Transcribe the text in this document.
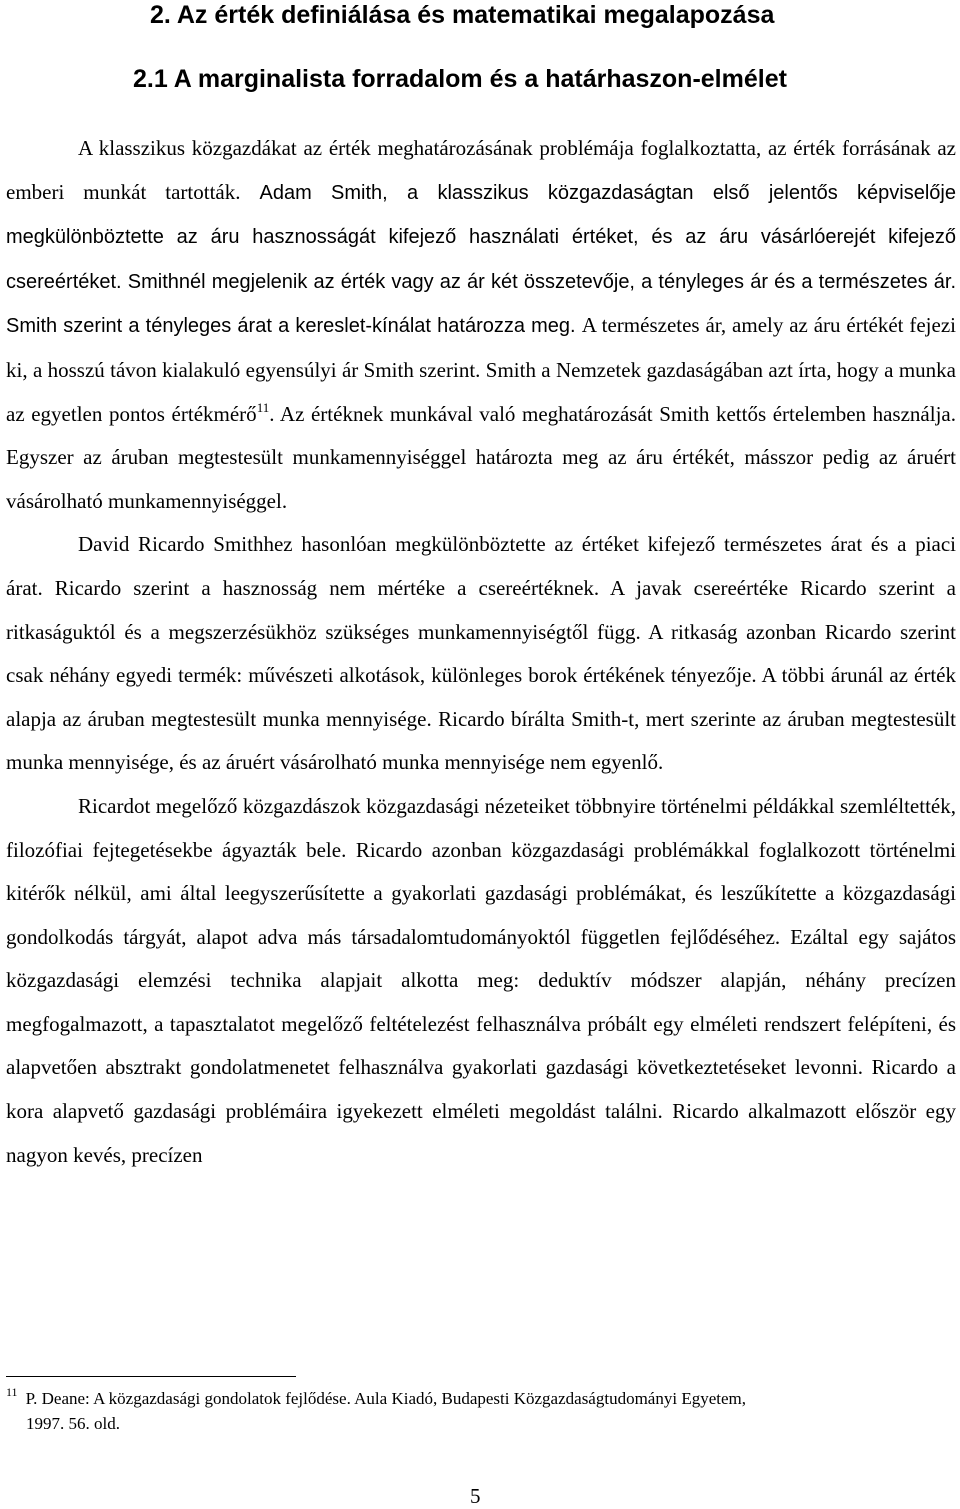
2. Az érték definiálása és matematikai megalapozása
2.1 A marginalista forradalom és a határhaszon-elmélet

A klasszikus közgazdákat az érték meghatározásának problémája foglalkoztatta, az érték forrásának az emberi munkát tartották. Adam Smith, a klasszikus közgazdaságtan első jelentős képviselője megkülönböztette az áru hasznosságát kifejező használati értéket, és az áru vásárlóerejét kifejező csereértéket. Smithnél megjelenik az érték vagy az ár két összetevője, a tényleges ár és a természetes ár. Smith szerint a tényleges árat a kereslet-kínálat határozza meg. A természetes ár, amely az áru értékét fejezi ki, a hosszú távon kialakuló egyensúlyi ár Smith szerint. Smith a Nemzetek gazdaságában azt írta, hogy a munka az egyetlen pontos értékmérő$^{11}$. Az értéknek munkával való meghatározását Smith kettős értelemben használja. Egyszer az áruban megtestesült munkamennyiséggel határozta meg az áru értékét, másszor pedig az áruért vásárolható munkamennyiséggel.

David Ricardo Smithhez hasonlóan megkülönböztette az értéket kifejező természetes árat és a piaci árat. Ricardo szerint a hasznosság nem mértéke a csereértéknek. A javak csereértéke Ricardo szerint a ritkaságuktól és a megszerzésükhöz szükséges munkamennyiségtől függ. A ritkaság azonban Ricardo szerint csak néhány egyedi termék: művészeti alkotások, különleges borok értékének tényezője. A többi árunál az érték alapja az áruban megtestesült munka mennyisége. Ricardo bírálta Smith-t, mert szerinte az áruban megtestesült munka mennyisége, és az áruért vásárolható munka mennyisége nem egyenlő.

Ricardot megelőző közgazdászok közgazdasági nézeteiket többnyire történelmi példákkal szemléltették, filozófiai fejtegetésekbe ágyazták bele. Ricardo azonban közgazdasági problémákkal foglalkozott történelmi kitérők nélkül, ami által leegyszerűsítette a gyakorlati gazdasági problémákat, és leszűkítette a közgazdasági gondolkodás tárgyát, alapot adva más társadalomtudományoktól független fejlődéséhez. Ezáltal egy sajátos közgazdasági elemzési technika alapjait alkotta meg: deduktív módszer alapján, néhány precízen megfogalmazott, a tapasztalatot megelőző feltételezést felhasználva próbált egy elméleti rendszert felépíteni, és alapvetően absztrakt gondolatmenetet felhasználva gyakorlati gazdasági következtetéseket levonni. Ricardo a kora alapvető gazdasági problémáira igyekezett elméleti megoldást találni. Ricardo alkalmazott először egy nagyon kevés, precízen

$^{11}$ P. Deane: A közgazdasági gondolatok fejlődése. Aula Kiadó, Budapesti Közgazdaságtudományi Egyetem,
1997. 56. old.
5
